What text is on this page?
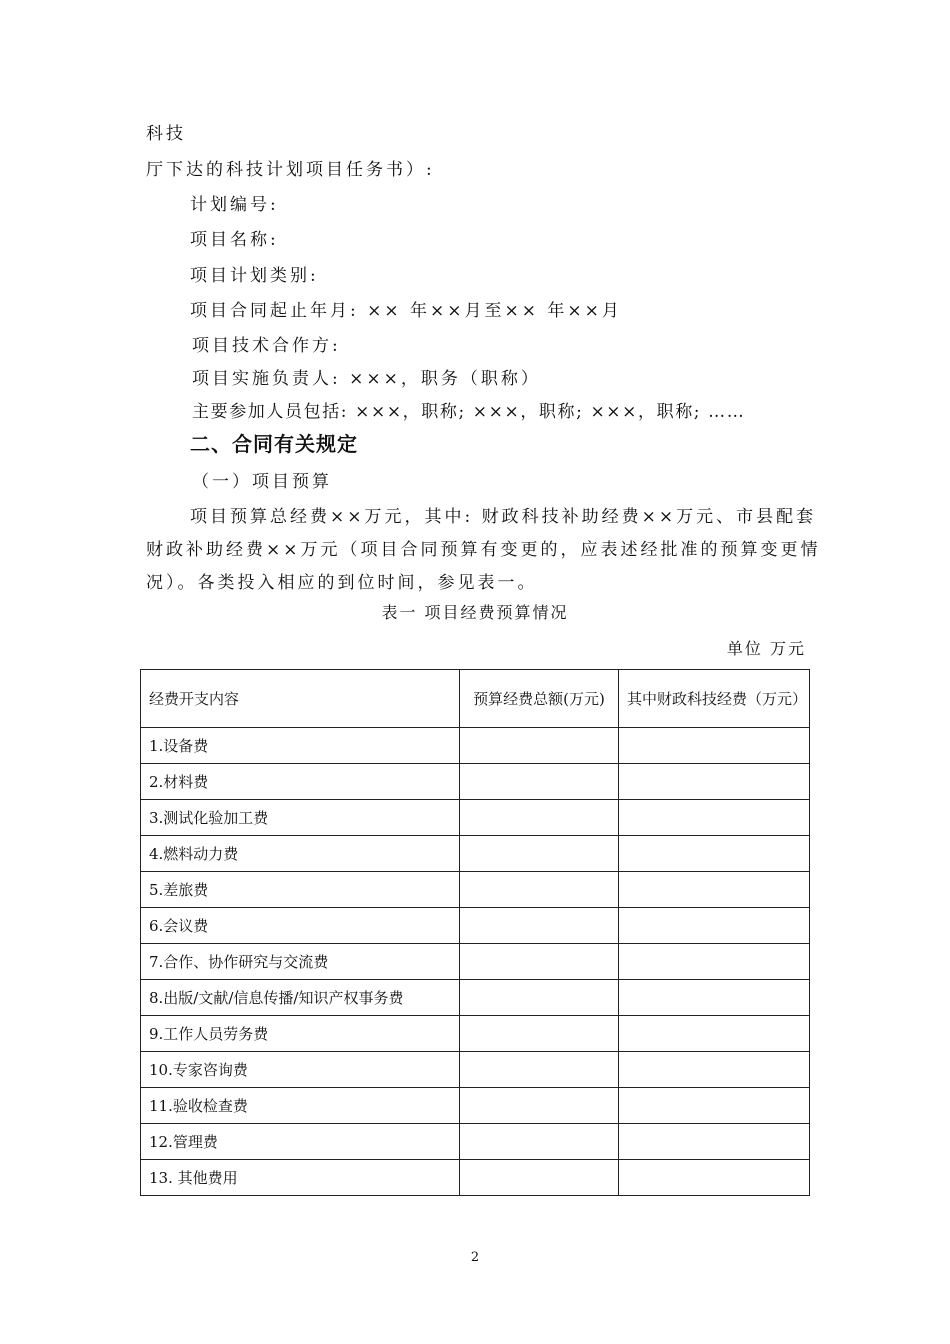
科技
厅下达的科技计划项目任务书）:
计划编号:
项目名称:
项目计划类别:
项目合同起止年月: ×× 年××月至×× 年××月
项目技术合作方:
项目实施负责人: ×××，职务（职称）
主要参加人员包括: ×××，职称; ×××，职称; ×××，职称; ……
二、合同有关规定
（一）项目预算
项目预算总经费××万元，其中: 财政科技补助经费××万元、市县配套
财政补助经费××万元（项目合同预算有变更的，应表述经批准的预算变更情
况）。各类投入相应的到位时间，参见表一。
表一 项目经费预算情况
单位 万元
经费开支内容	预算经费总额(万元)	其中财政科技经费（万元）
1.设备费		
2.材料费		
3.测试化验加工费		
4.燃料动力费		
5.差旅费		
6.会议费		
7.合作、协作研究与交流费		
8.出版/文献/信息传播/知识产权事务费		
9.工作人员劳务费		
10.专家咨询费		
11.验收检查费		
12.管理费		
13. 其他费用		
2
